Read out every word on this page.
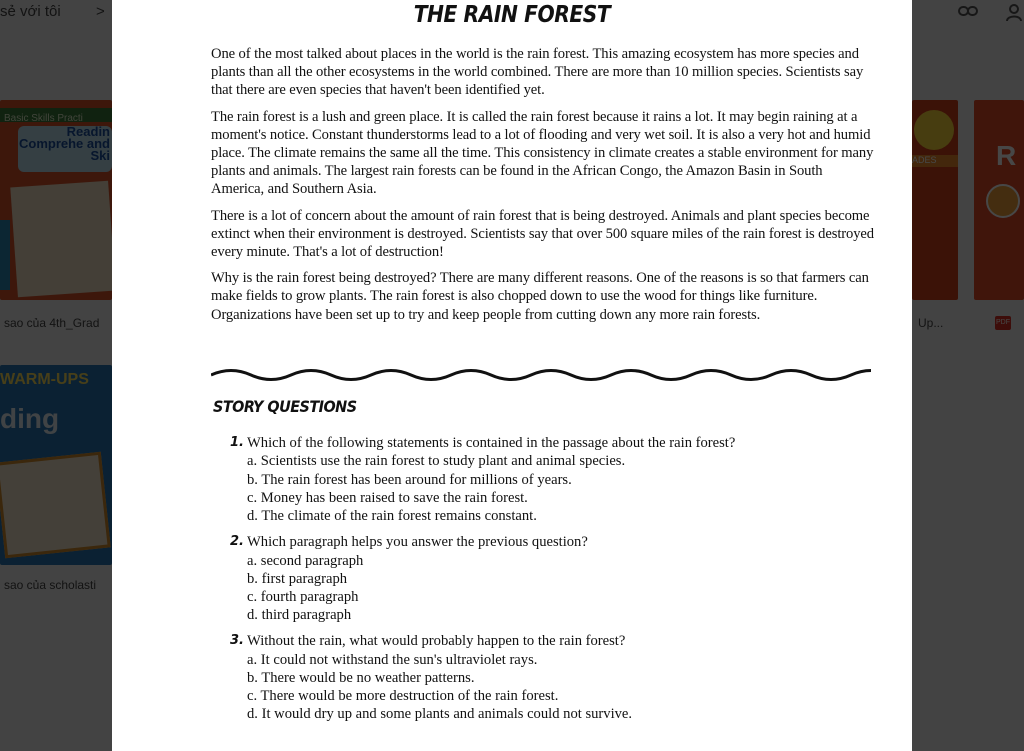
THE RAIN FOREST

One of the most talked about places in the world is the rain forest. This amazing ecosystem has more species and plants than all the other ecosystems in the world combined. There are more than 10 million species. Scientists say that there are even species that haven't been identified yet.

The rain forest is a lush and green place. It is called the rain forest because it rains a lot. It may begin raining at a moment's notice. Constant thunderstorms lead to a lot of flooding and very wet soil. It is also a very hot and humid place. The climate remains the same all the time. This consistency in climate creates a stable environment for many plants and animals. The largest rain forests can be found in the African Congo, the Amazon Basin in South America, and Southern Asia.

There is a lot of concern about the amount of rain forest that is being destroyed. Animals and plant species become extinct when their environment is destroyed. Scientists say that over 500 square miles of the rain forest is destroyed every minute. That's a lot of destruction!

Why is the rain forest being destroyed? There are many different reasons. One of the reasons is so that farmers can make fields to grow plants. The rain forest is also chopped down to use the wood for things like furniture. Organizations have been set up to try and keep people from cutting down any more rain forests.

STORY QUESTIONS
1. Which of the following statements is contained in the passage about the rain forest?
a. Scientists use the rain forest to study plant and animal species.
b. The rain forest has been around for millions of years.
c. Money has been raised to save the rain forest.
d. The climate of the rain forest remains constant.
2. Which paragraph helps you answer the previous question?
a. second paragraph
b. first paragraph
c. fourth paragraph
d. third paragraph
3. Without the rain, what would probably happen to the rain forest?
a. It could not withstand the sun's ultraviolet rays.
b. There would be no weather patterns.
c. There would be more destruction of the rain forest.
d. It would dry up and some plants and animals could not survive.
